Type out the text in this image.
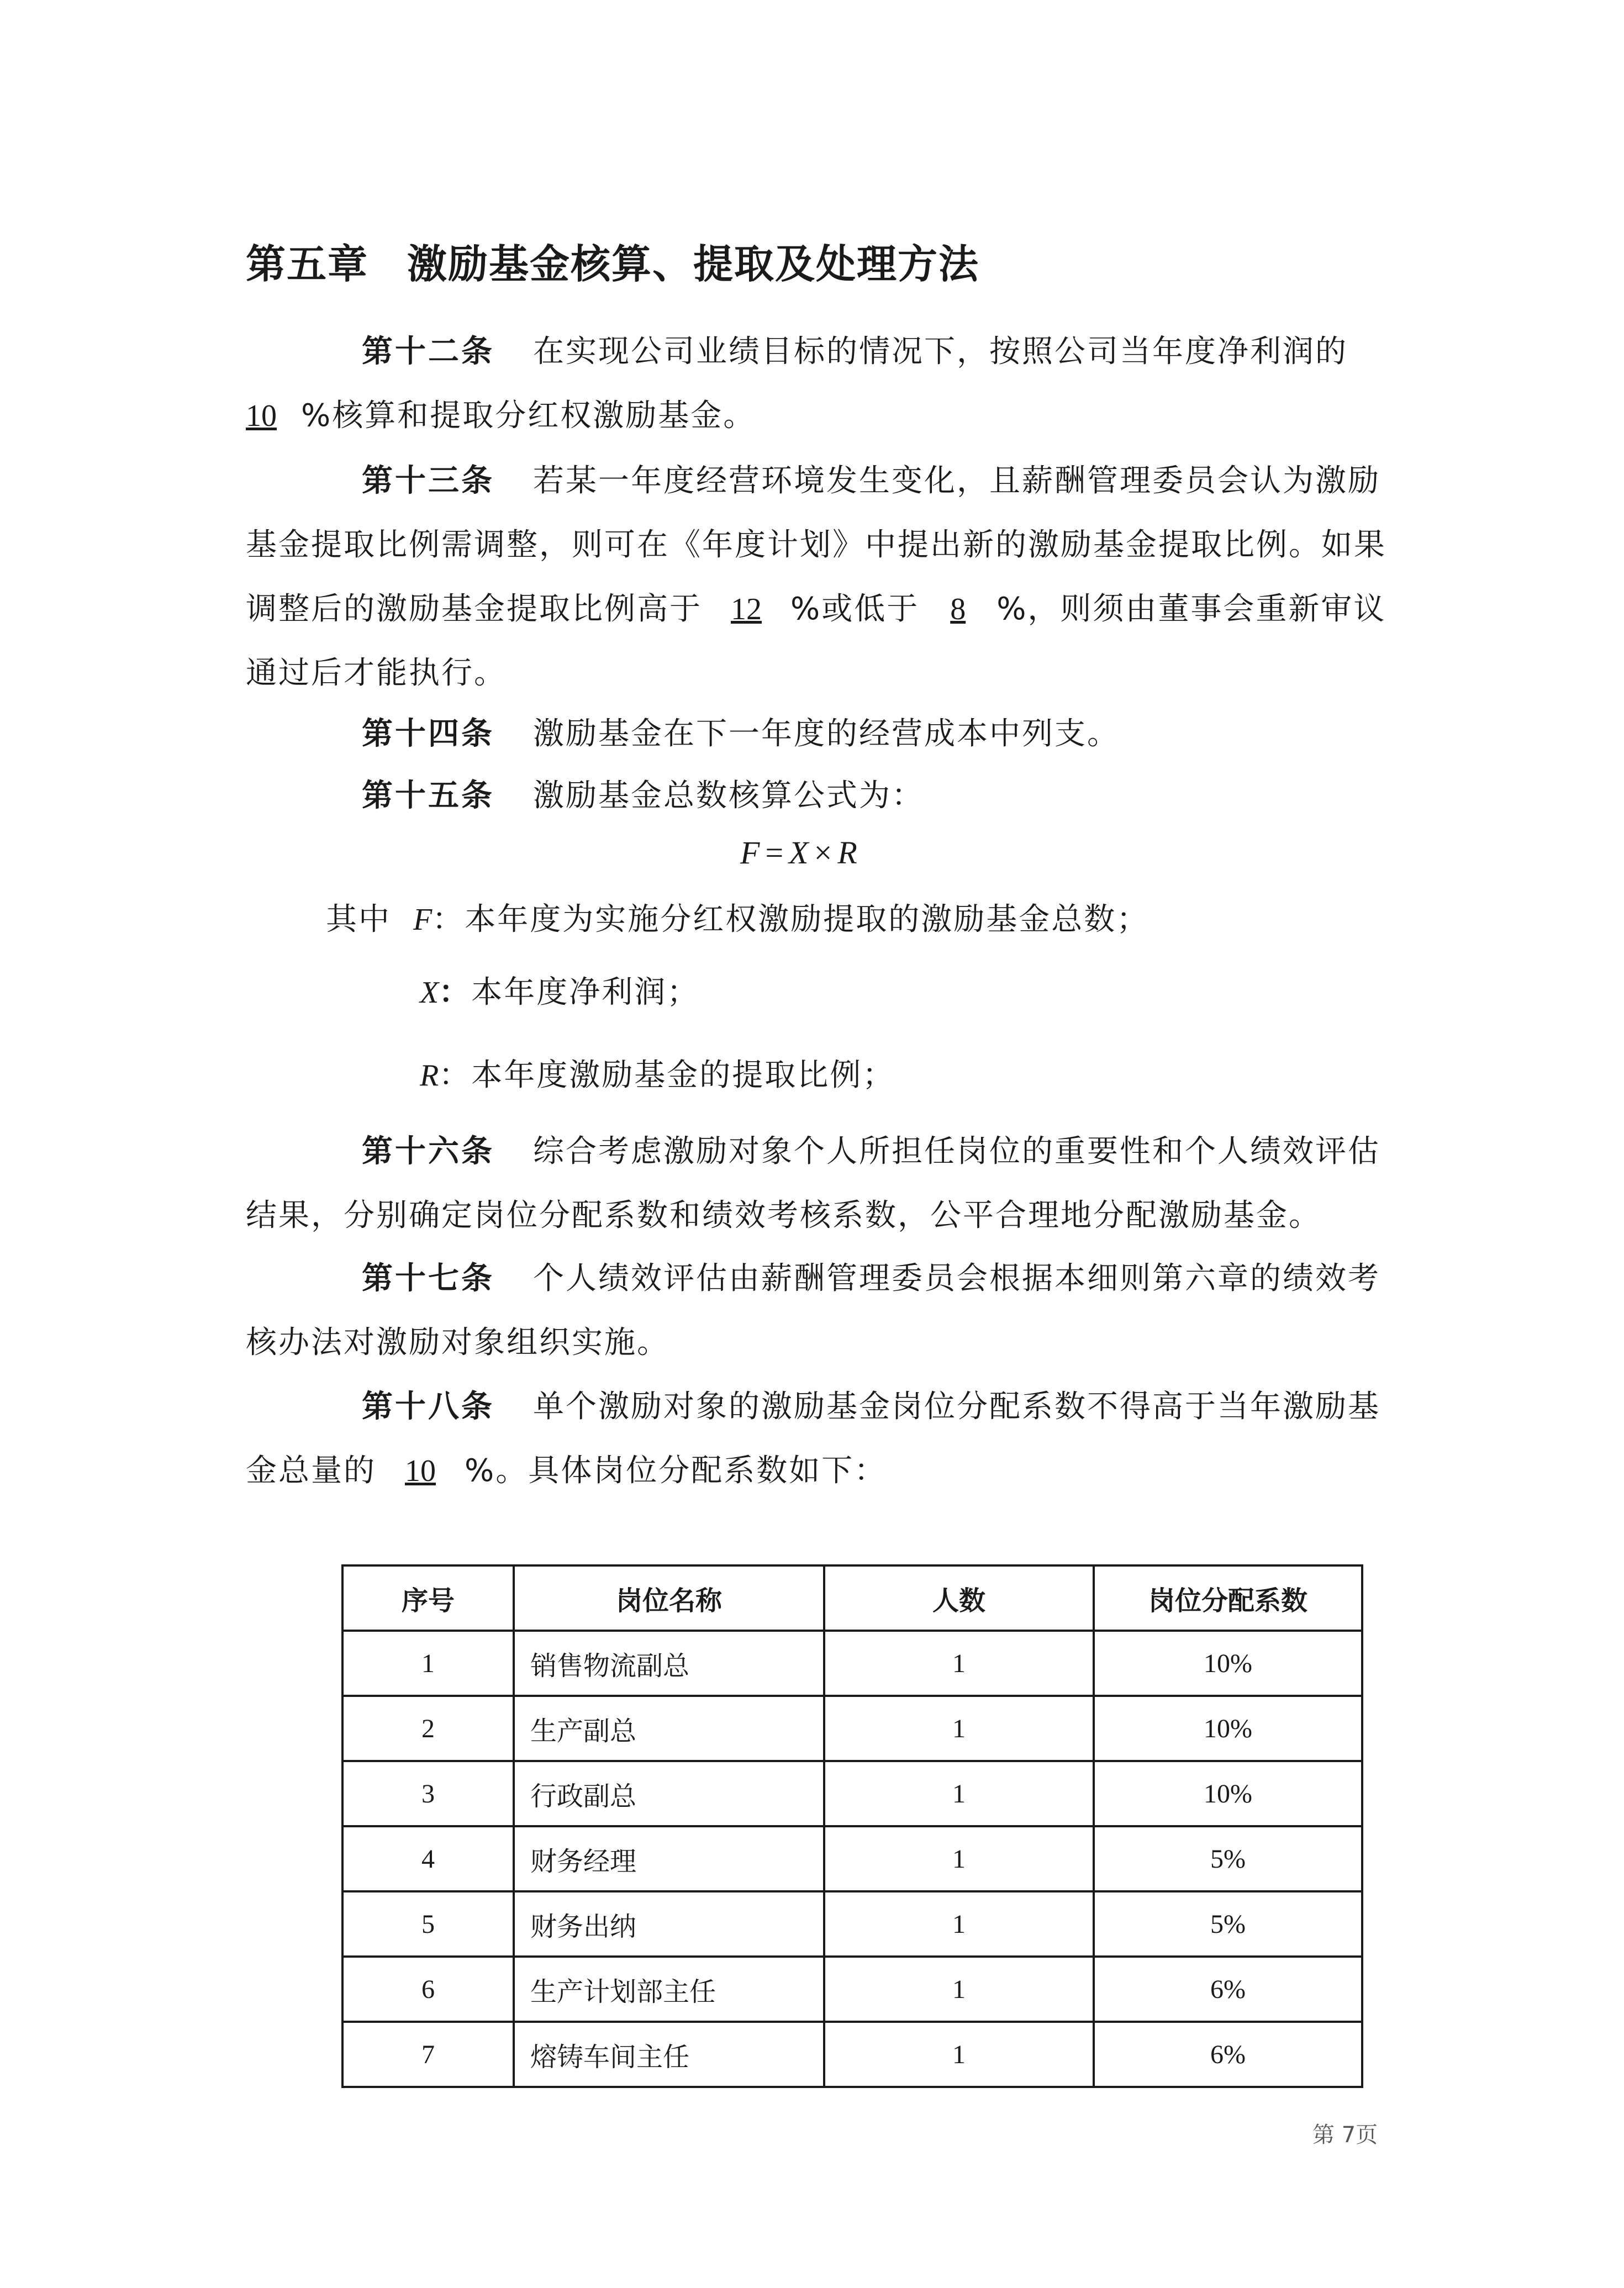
第五章 激励基金核算、提取及处理方法
第十二条 在实现公司业绩目标的情况下，按照公司当年度净利润的
10 %核算和提取分红权激励基金。
第十三条 若某一年度经营环境发生变化，且薪酬管理委员会认为激励
基金提取比例需调整，则可在《年度计划》中提出新的激励基金提取比例。如果
调整后的激励基金提取比例高于 12 %或低于 8 %，则须由董事会重新审议
通过后才能执行。
第十四条 激励基金在下一年度的经营成本中列支。
第十五条 激励基金总数核算公式为：
F = X × R
其中 F：本年度为实施分红权激励提取的激励基金总数；
X：本年度净利润；
R：本年度激励基金的提取比例；
第十六条 综合考虑激励对象个人所担任岗位的重要性和个人绩效评估
结果，分别确定岗位分配系数和绩效考核系数，公平合理地分配激励基金。
第十七条 个人绩效评估由薪酬管理委员会根据本细则第六章的绩效考
核办法对激励对象组织实施。
第十八条 单个激励对象的激励基金岗位分配系数不得高于当年激励基
金总量的 10 %。具体岗位分配系数如下：
序号	岗位名称	人数	岗位分配系数
1	销售物流副总	1	10%
2	生产副总	1	10%
3	行政副总	1	10%
4	财务经理	1	5%
5	财务出纳	1	5%
6	生产计划部主任	1	6%
7	熔铸车间主任	1	6%
第 7页
